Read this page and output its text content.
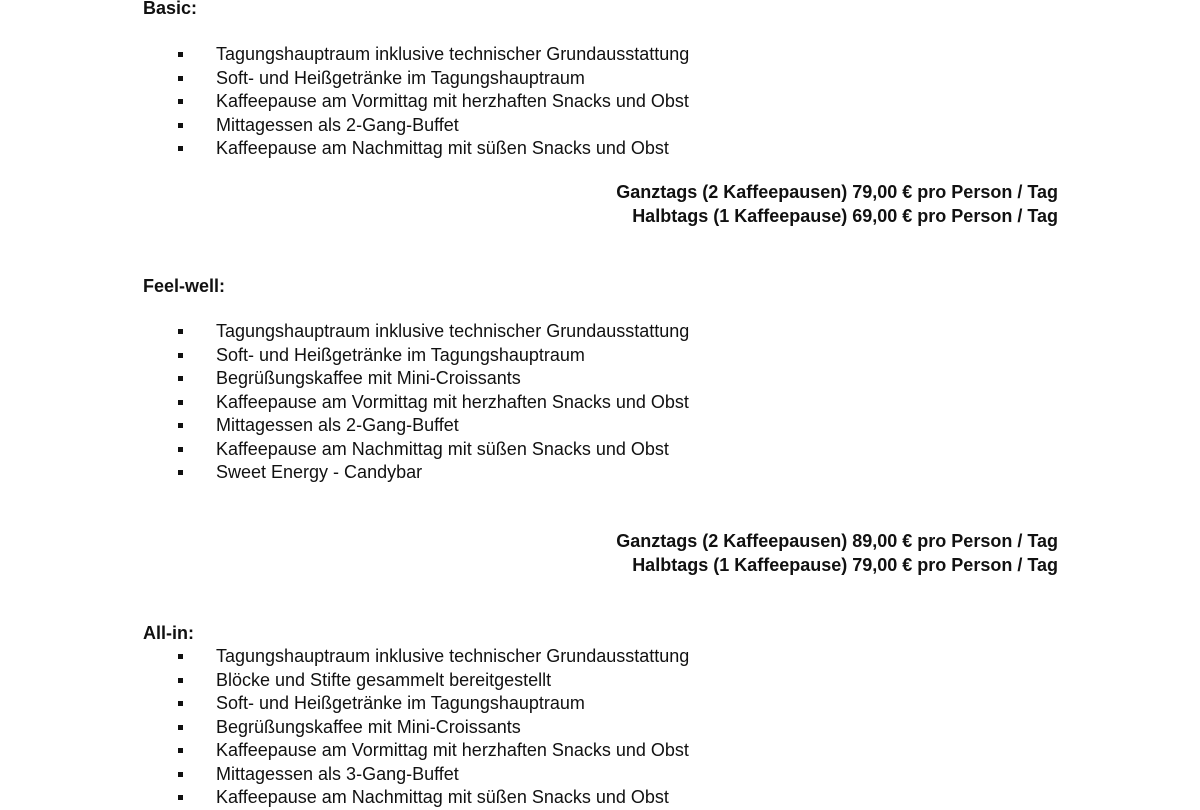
Basic:
Tagungshauptraum inklusive technischer Grundausstattung
Soft- und Heißgetränke im Tagungshauptraum
Kaffeepause am Vormittag mit herzhaften Snacks und Obst
Mittagessen als 2-Gang-Buffet
Kaffeepause am Nachmittag mit süßen Snacks und Obst
Ganztags (2 Kaffeepausen) 79,00 € pro Person / Tag
Halbtags (1 Kaffeepause) 69,00 € pro Person / Tag
Feel-well:
Tagungshauptraum inklusive technischer Grundausstattung
Soft- und Heißgetränke im Tagungshauptraum
Begrüßungskaffee mit Mini-Croissants
Kaffeepause am Vormittag mit herzhaften Snacks und Obst
Mittagessen als 2-Gang-Buffet
Kaffeepause am Nachmittag mit süßen Snacks und Obst
Sweet Energy - Candybar
Ganztags (2 Kaffeepausen) 89,00 € pro Person / Tag
Halbtags (1 Kaffeepause) 79,00 € pro Person / Tag
All-in:
Tagungshauptraum inklusive technischer Grundausstattung
Blöcke und Stifte gesammelt bereitgestellt
Soft- und Heißgetränke im Tagungshauptraum
Begrüßungskaffee mit Mini-Croissants
Kaffeepause am Vormittag mit herzhaften Snacks und Obst
Mittagessen als 3-Gang-Buffet
Kaffeepause am Nachmittag mit süßen Snacks und Obst
